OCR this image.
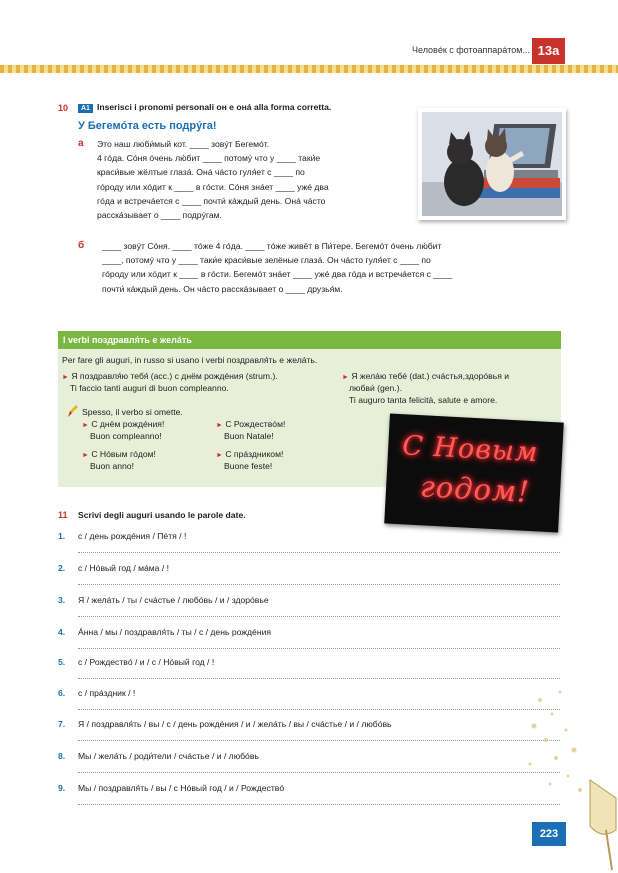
Человéк с фотоаппарáтом... 13a
10	A1 Inserisci i pronomi personali он e онá alla forma corretta.
У Бегемóта есть подрýга!
а Это наш люби́мый кот. ____ зовýт Бегемóт.
4 гóда. Сóня óчень лю́бит ____ потомý что у ____ таки́е
краси́вые жёлтые глазá. Онá чáсто гуля́ет с ____ по
гóроду или хóдит к ____ в гóсти. Сóня знáет ____ ужé два
гóда и встречáется с ____ почти́ кáждый день. Онá чáсто
расскáзывает о ____ подрýгам.
б ____ зовýт Сóня. ____ тóже 4 гóда. ____ тóже живёт в Пи́тере. Бегемóт óчень лю́бит
____, потомý что у ____ таки́е краси́вые зелёные глазá. Он чáсто гуля́ет с ____ по
гóроду или хóдит к ____ в гóсти. Бегемóт знáет ____ ужé два гóда и встречáется с ____
почти́ кáждый день. Он чáсто расскáзывает о ____ друзья́м.
I verbi поздравля́ть e желáть
Per fare gli auguri, in russo si usano i verbi поздравля́ть e желáть.
► Я поздравля́ю тебя́ (acc.) с днём рождéния (strum.).
Ti faccio tanti auguri di buon compleanno.
► Я желáю тебé (dat.) счáстья,здорóвья и
любви́ (gen.).
Ti auguro tanta felicità, salute e amore.
Spesso, il verbo si omette.
► С днём рождéния!
Buon compleanno!
► С Рождествóм!
Buon Natale!
► С Нóвым гóдом!
Buon anno!
► С прáздником!
Buone feste!	С Новым
годом!
11 Scrivi degli auguri usando le parole date.
1. с / день рождéния / Пéтя / !
2. с / Нóвый год / мáма / !
3. Я / желáть / ты / счáстье / любóвь / и / здорóвье
4. Áнна / мы / поздравля́ть / ты / с / день рождéния
5. с / Рождествó / и / с / Нóвый год / !
6. с / прáздник / !
7. Я / поздравля́ть / вы / с / день рождéния / и / желáть / вы / счáстье / и / любóвь
8. Мы / желáть / роди́тели / счáстье / и / любóвь
9. Мы / поздравля́ть / вы / с Нóвый год / и / Рождествó
223
